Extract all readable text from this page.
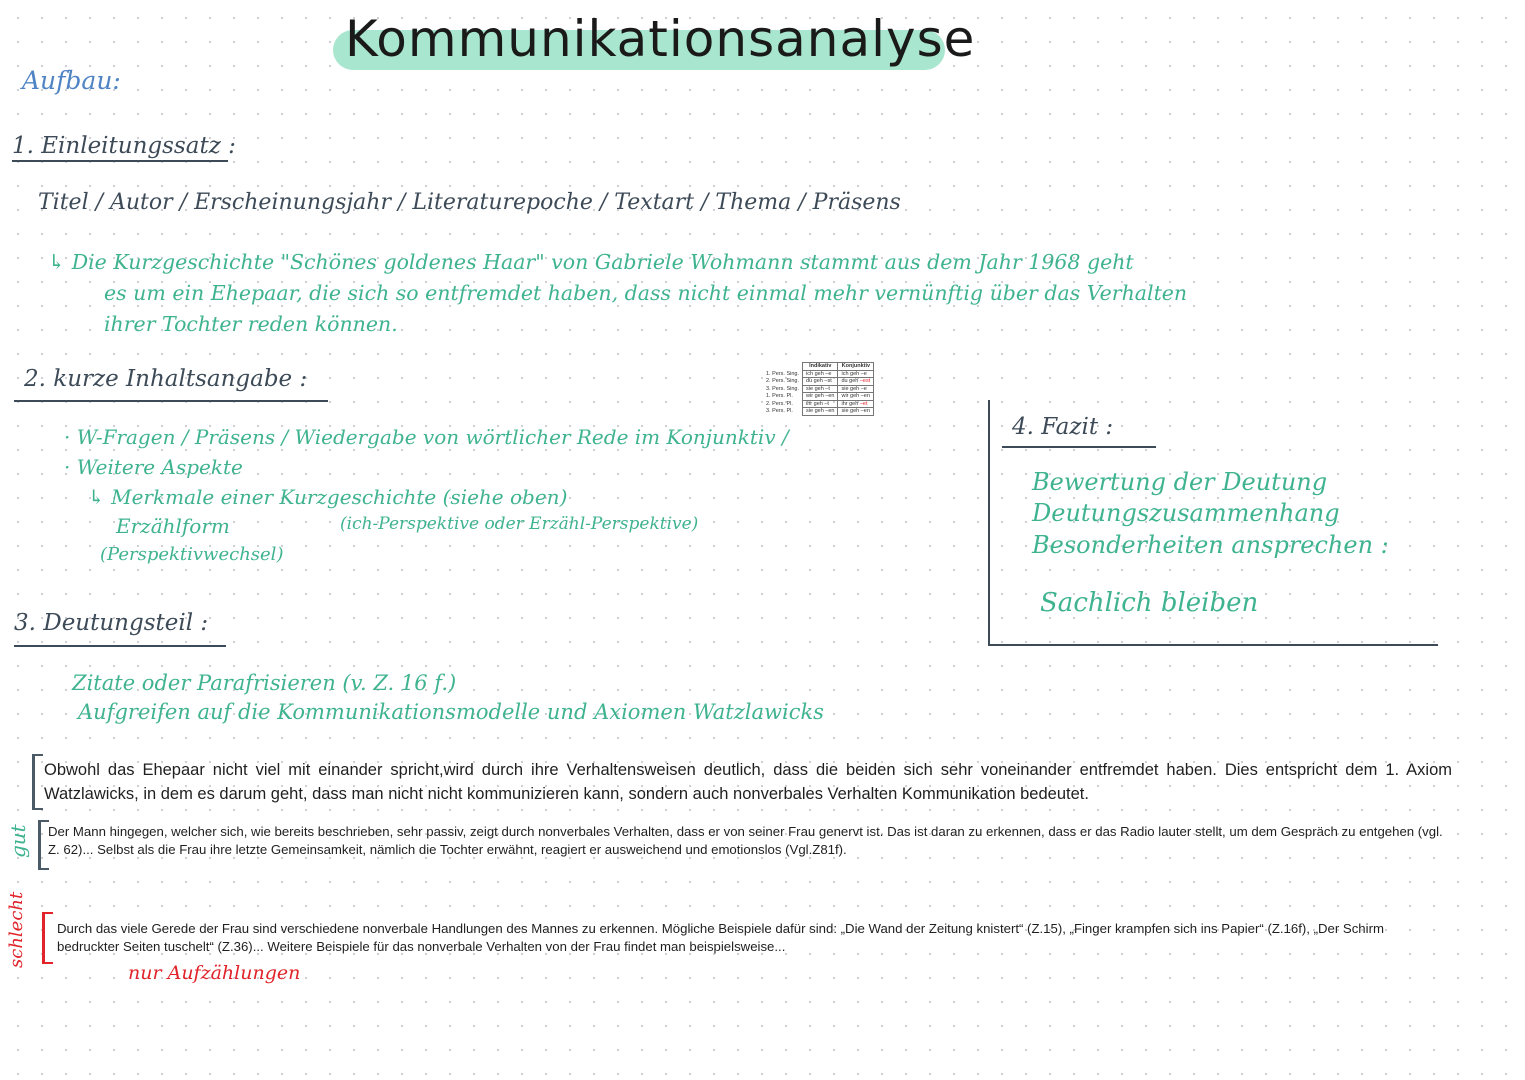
Kommunikationsanalyse
Aufbau:
1. Einleitungssatz :
Titel / Autor / Erscheinungsjahr / Literaturepoche / Textart / Thema / Präsens
↳ Die Kurzgeschichte "Schönes goldenes Haar" von Gabriele Wohmann stammt aus dem Jahr 1968 geht
es um ein Ehepaar, die sich so entfremdet haben, dass nicht einmal mehr vernünftig über das Verhalten
ihrer Tochter reden können.
2. kurze Inhaltsangabe :
		Indikativ	Konjunktiv
1. Pers. Sing.	ich geh –e	ich geh –e
2. Pers. Sing.	du geh –st	du geh –est
3. Pers. Sing.	sie geh –t	sie geh –e
1. Pers. Pl.	wir geh –en	wir geh –en
2. Pers. Pl.	ihr geh –t	ihr geh –et
3. Pers. Pl.	sie geh –en	sie geh –en
· W-Fragen / Präsens / Wiedergabe von wörtlicher Rede im Konjunktiv /
· Weitere Aspekte
↳ Merkmale einer Kurzgeschichte (siehe oben)
Erzählform	(ich-Perspektive oder Erzähl-Perspektive)
(Perspektivwechsel)
3. Deutungsteil :
Zitate oder Parafrisieren (v. Z. 16 f.)
Aufgreifen auf die Kommunikationsmodelle und Axiomen Watzlawicks
4. Fazit :
Bewertung der Deutung
Deutungszusammenhang
Besonderheiten ansprechen :
Sachlich bleiben
gut
Obwohl das Ehepaar nicht viel mit einander spricht,wird durch ihre Verhaltensweisen deutlich, dass die beiden sich sehr voneinander entfremdet haben. Dies entspricht dem 1. Axiom Watzlawicks, in dem es darum geht, dass man nicht nicht kommunizieren kann, sondern auch nonverbales Verhalten Kommunikation bedeutet.
Der Mann hingegen, welcher sich, wie bereits beschrieben, sehr passiv, zeigt durch nonverbales Verhalten, dass er von seiner Frau genervt ist. Das ist daran zu erkennen, dass er das Radio lauter stellt, um dem Gespräch zu entgehen (vgl. Z. 62)... Selbst als die Frau ihre letzte Gemeinsamkeit, nämlich die Tochter erwähnt, reagiert er ausweichend und emotionslos (Vgl.Z81f).
schlecht Durch das viele Gerede der Frau sind verschiedene nonverbale Handlungen des Mannes zu erkennen. Mögliche Beispiele dafür sind: „Die Wand der Zeitung knistert“ (Z.15), „Finger krampfen sich ins Papier“ (Z.16f), „Der Schirm bedruckter Seiten tuschelt“ (Z.36)... Weitere Beispiele für das nonverbale Verhalten von der Frau findet man beispielsweise...
nur Aufzählungen
